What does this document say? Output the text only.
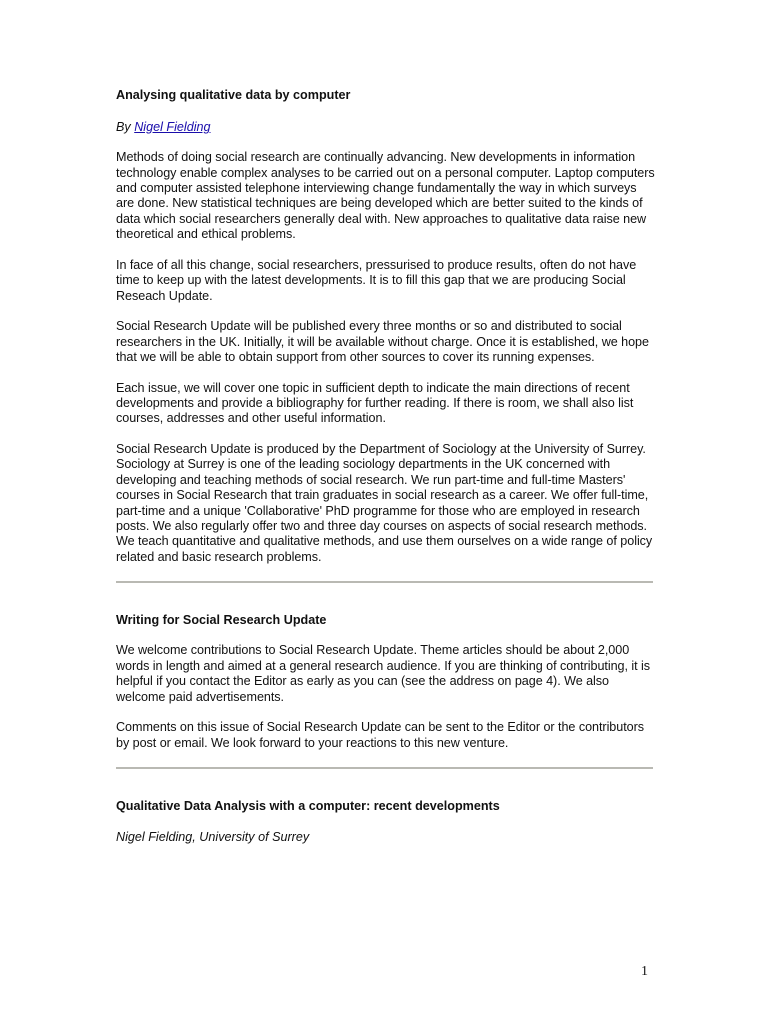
Analysing qualitative data by computer
By Nigel Fielding

Methods of doing social research are continually advancing. New developments in information technology enable complex analyses to be carried out on a personal computer. Laptop computers and computer assisted telephone interviewing change fundamentally the way in which surveys are done. New statistical techniques are being developed which are better suited to the kinds of data which social researchers generally deal with. New approaches to qualitative data raise new theoretical and ethical problems.

In face of all this change, social researchers, pressurised to produce results, often do not have time to keep up with the latest developments. It is to fill this gap that we are producing Social Reseach Update.

Social Research Update will be published every three months or so and distributed to social researchers in the UK. Initially, it will be available without charge. Once it is established, we hope that we will be able to obtain support from other sources to cover its running expenses.

Each issue, we will cover one topic in sufficient depth to indicate the main directions of recent developments and provide a bibliography for further reading. If there is room, we shall also list courses, addresses and other useful information.

Social Research Update is produced by the Department of Sociology at the University of Surrey. Sociology at Surrey is one of the leading sociology departments in the UK concerned with developing and teaching methods of social research. We run part-time and full-time Masters' courses in Social Research that train graduates in social research as a career. We offer full-time, part-time and a unique 'Collaborative' PhD programme for those who are employed in research posts. We also regularly offer two and three day courses on aspects of social research methods. We teach quantitative and qualitative methods, and use them ourselves on a wide range of policy related and basic research problems.

Writing for Social Research Update

We welcome contributions to Social Research Update. Theme articles should be about 2,000 words in length and aimed at a general research audience. If you are thinking of contributing, it is helpful if you contact the Editor as early as you can (see the address on page 4). We also welcome paid advertisements.

Comments on this issue of Social Research Update can be sent to the Editor or the contributors by post or email. We look forward to your reactions to this new venture.

Qualitative Data Analysis with a computer: recent developments
Nigel Fielding, University of Surrey
1
